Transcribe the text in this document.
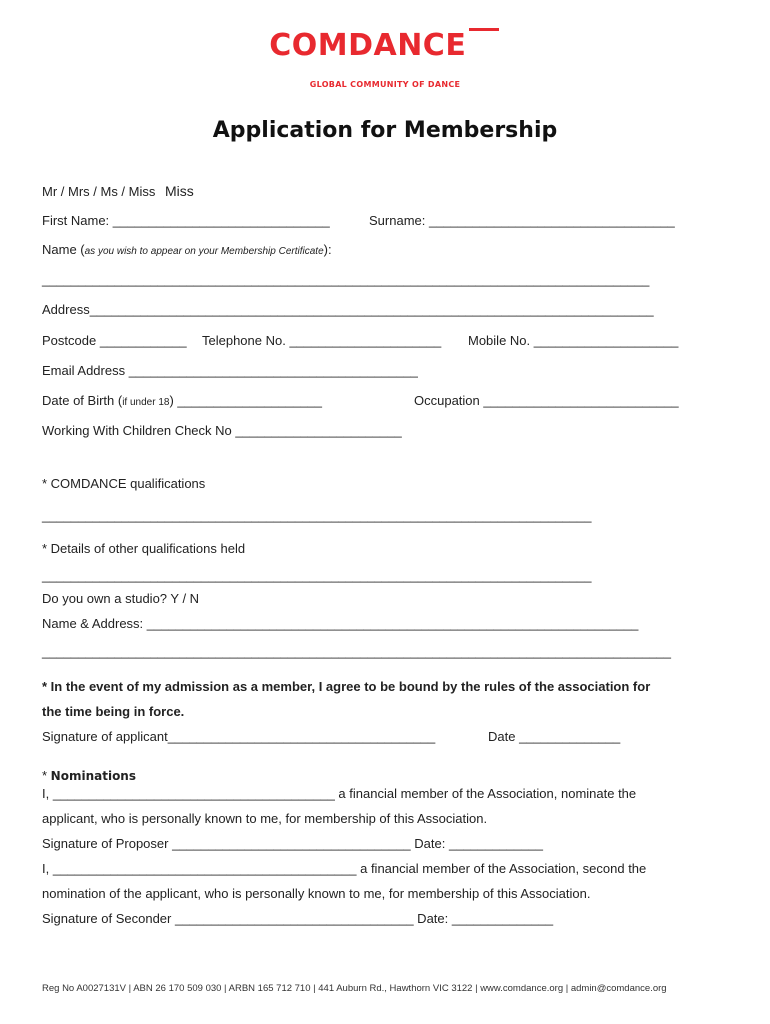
COMDANCE
GLOBAL COMMUNITY OF DANCE
Application for Membership
Mr / Mrs / Ms / Miss Miss
First Name: ______________________________	Surname: __________________________________
Name (as you wish to appear on your Membership Certificate):
____________________________________________________________________________________
Address______________________________________________________________________________
Postcode ____________ Telephone No. _____________________ Mobile No. ____________________
Email Address ________________________________________
Date of Birth (if under 18) ____________________	Occupation ___________________________
Working With Children Check No _______________________
* COMDANCE qualifications
____________________________________________________________________________
* Details of other qualifications held
____________________________________________________________________________
Do you own a studio? Y / N
Name & Address: ____________________________________________________________________
_______________________________________________________________________________________
* In the event of my admission as a member, I agree to be bound by the rules of the association for
the time being in force.
Signature of applicant_____________________________________	Date ______________
* Nominations
I, _______________________________________ a financial member of the Association, nominate the
applicant, who is personally known to me, for membership of this Association.
Signature of Proposer _________________________________ Date: _____________
I, __________________________________________ a financial member of the Association, second the
nomination of the applicant, who is personally known to me, for membership of this Association.
Signature of Seconder _________________________________ Date: ______________
Reg No A0027131V | ABN 26 170 509 030 | ARBN 165 712 710 | 441 Auburn Rd., Hawthorn VIC 3122 | www.comdance.org | admin@comdance.org
